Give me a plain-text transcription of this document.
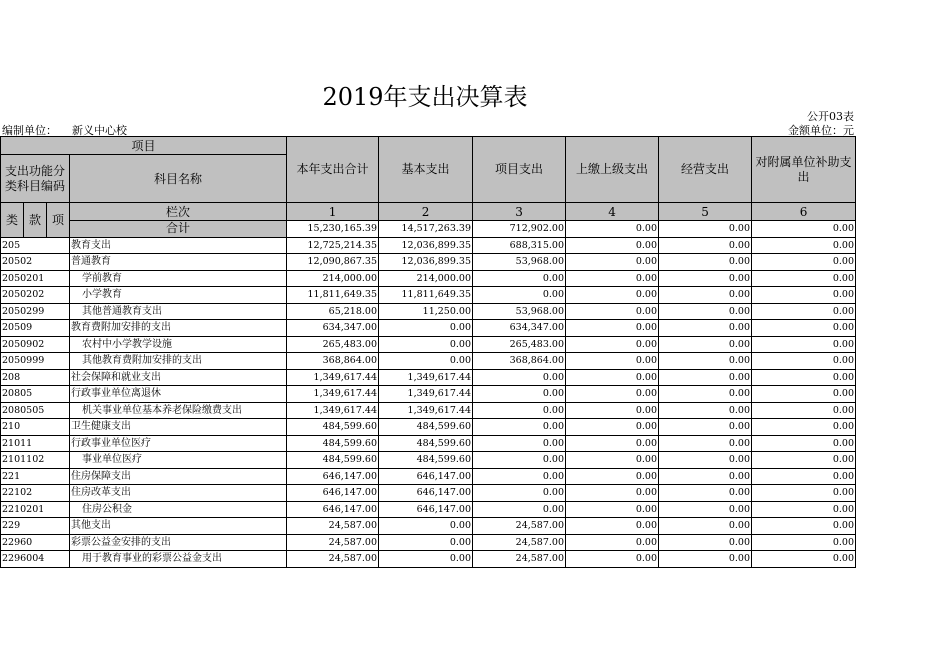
2019年支出决算表
公开03表
编制单位： 新义中心校	金额单位：元
项目				本年支出合计	基本支出	项目支出	上缴上级支出	经营支出	对附属单位补助支出
支出功能分类科目编码			科目名称						
类	款	项	栏次	1	2	3	4	5	6
			合计	15,230,165.39	14,517,263.39	712,902.00	0.00	0.00	0.00
205			教育支出	12,725,214.35	12,036,899.35	688,315.00	0.00	0.00	0.00
20502			普通教育	12,090,867.35	12,036,899.35	53,968.00	0.00	0.00	0.00
2050201			学前教育	214,000.00	214,000.00	0.00	0.00	0.00	0.00
2050202			小学教育	11,811,649.35	11,811,649.35	0.00	0.00	0.00	0.00
2050299			其他普通教育支出	65,218.00	11,250.00	53,968.00	0.00	0.00	0.00
20509			教育费附加安排的支出	634,347.00	0.00	634,347.00	0.00	0.00	0.00
2050902			农村中小学教学设施	265,483.00	0.00	265,483.00	0.00	0.00	0.00
2050999			其他教育费附加安排的支出	368,864.00	0.00	368,864.00	0.00	0.00	0.00
208			社会保障和就业支出	1,349,617.44	1,349,617.44	0.00	0.00	0.00	0.00
20805			行政事业单位离退休	1,349,617.44	1,349,617.44	0.00	0.00	0.00	0.00
2080505			机关事业单位基本养老保险缴费支出	1,349,617.44	1,349,617.44	0.00	0.00	0.00	0.00
210			卫生健康支出	484,599.60	484,599.60	0.00	0.00	0.00	0.00
21011			行政事业单位医疗	484,599.60	484,599.60	0.00	0.00	0.00	0.00
2101102			事业单位医疗	484,599.60	484,599.60	0.00	0.00	0.00	0.00
221			住房保障支出	646,147.00	646,147.00	0.00	0.00	0.00	0.00
22102			住房改革支出	646,147.00	646,147.00	0.00	0.00	0.00	0.00
2210201			住房公积金	646,147.00	646,147.00	0.00	0.00	0.00	0.00
229			其他支出	24,587.00	0.00	24,587.00	0.00	0.00	0.00
22960			彩票公益金安排的支出	24,587.00	0.00	24,587.00	0.00	0.00	0.00
2296004			用于教育事业的彩票公益金支出	24,587.00	0.00	24,587.00	0.00	0.00	0.00
